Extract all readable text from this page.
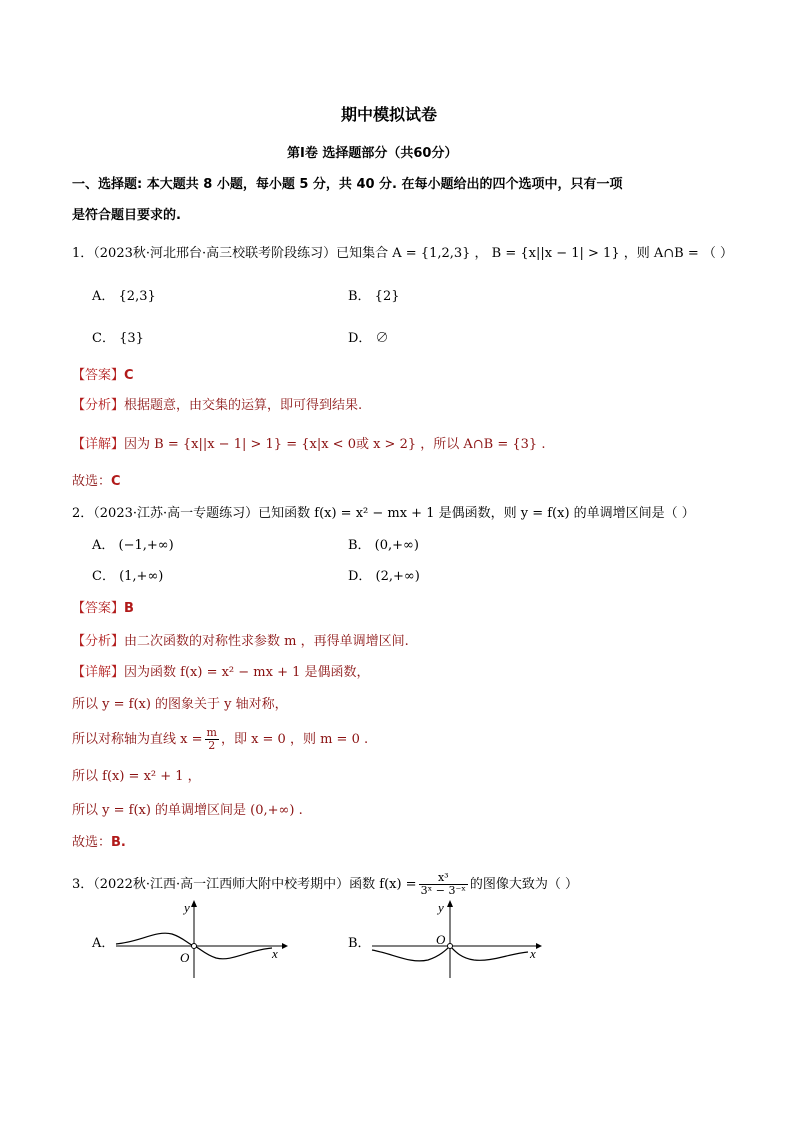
期中模拟试卷
第Ⅰ卷 选择题部分（共60分）
一、选择题: 本大题共 8 小题，每小题 5 分，共 40 分. 在每小题给出的四个选项中，只有一项
是符合题目要求的.
1．（2023秋·河北邢台·高三校联考阶段练习）已知集合 A = {1,2,3} ， B = {x||x − 1| > 1} ，则 A∩B = （ ）
A． {2,3}	B． {2}
C． {3}	D． ∅
【答案】C
【分析】根据题意，由交集的运算，即可得到结果.
【详解】因为 B = {x||x − 1| > 1} = {x|x < 0或 x > 2} ，所以 A∩B = {3} .
故选：C
2．（2023·江苏·高一专题练习）已知函数 f(x) = x² − mx + 1 是偶函数，则 y = f(x) 的单调增区间是（ ）
A． (−1,+∞)	B． (0,+∞)
C． (1,+∞)	D． (2,+∞)
【答案】B
【分析】由二次函数的对称性求参数 m ，再得单调增区间.
【详解】因为函数 f(x) = x² − mx + 1 是偶函数，
所以 y = f(x) 的图象关于 y 轴对称，
所以对称轴为直线 $x = \frac{m}{2}$ ，即 x = 0 ，则 m = 0 .
所以 f(x) = x² + 1 ，
所以 y = f(x) 的单调增区间是 (0,+∞) .
故选：B.
3．（2022秋·江西·高一江西师大附中校考期中）函数 $f(x) = \frac{\text{x³}}{\text{3ˣ − 3⁻ˣ}}$ 的图像大致为（ ）
A．	B．
y
x
O
y
x
O
